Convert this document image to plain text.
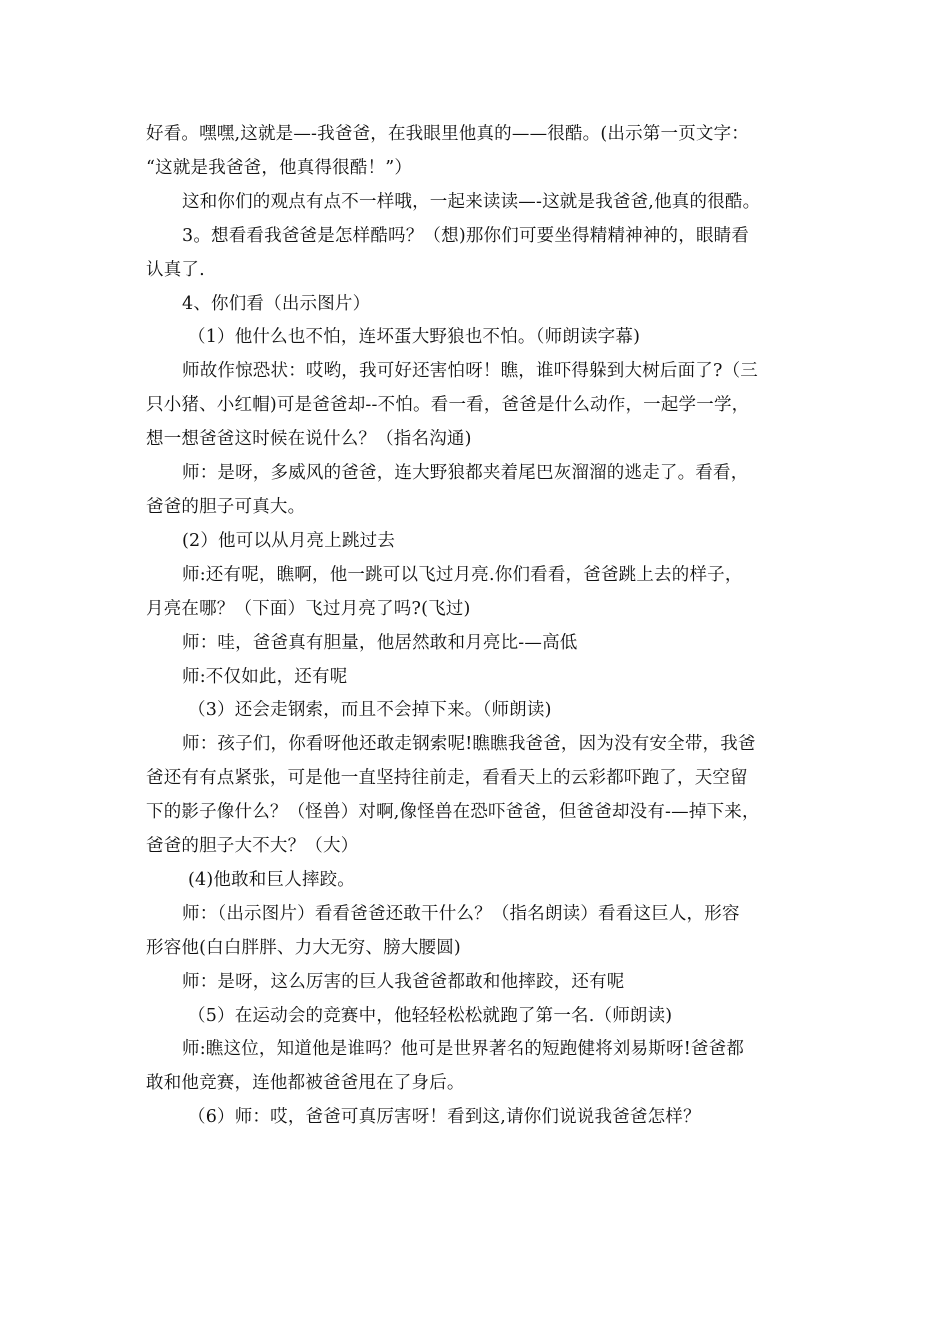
好看。嘿嘿,这就是—-我爸爸，在我眼里他真的——很酷。(出示第一页文字：
“这就是我爸爸，他真得很酷！”）

这和你们的观点有点不一样哦，一起来读读—-这就是我爸爸,他真的很酷。

3。想看看我爸爸是怎样酷吗？（想)那你们可要坐得精精神神的，眼睛看
认真了.

4、你们看（出示图片）

（1）他什么也不怕，连坏蛋大野狼也不怕。（师朗读字幕)

师故作惊恐状：哎哟，我可好还害怕呀！瞧，谁吓得躲到大树后面了?（三
只小猪、小红帽)可是爸爸却--不怕。看一看，爸爸是什么动作，一起学一学，
想一想爸爸这时候在说什么？（指名沟通)

师：是呀，多威风的爸爸，连大野狼都夹着尾巴灰溜溜的逃走了。看看，
爸爸的胆子可真大。

(2）他可以从月亮上跳过去

师:还有呢，瞧啊，他一跳可以飞过月亮.你们看看，爸爸跳上去的样子，
月亮在哪？（下面）飞过月亮了吗?(飞过)

师：哇，爸爸真有胆量，他居然敢和月亮比-—高低

师:不仅如此，还有呢

（3）还会走钢索，而且不会掉下来。（师朗读)

师：孩子们，你看呀他还敢走钢索呢!瞧瞧我爸爸，因为没有安全带，我爸
爸还有有点紧张，可是他一直坚持往前走，看看天上的云彩都吓跑了，天空留
下的影子像什么？（怪兽）对啊,像怪兽在恐吓爸爸，但爸爸却没有-—掉下来，
爸爸的胆子大不大？（大）

(4)他敢和巨人摔跤。

师：（出示图片）看看爸爸还敢干什么？（指名朗读）看看这巨人，形容
形容他(白白胖胖、力大无穷、膀大腰圆)

师：是呀，这么厉害的巨人我爸爸都敢和他摔跤，还有呢

（5）在运动会的竞赛中，他轻轻松松就跑了第一名.（师朗读)

师:瞧这位，知道他是谁吗？他可是世界著名的短跑健将刘易斯呀!爸爸都
敢和他竞赛，连他都被爸爸甩在了身后。

（6）师：哎，爸爸可真厉害呀！看到这,请你们说说我爸爸怎样？
